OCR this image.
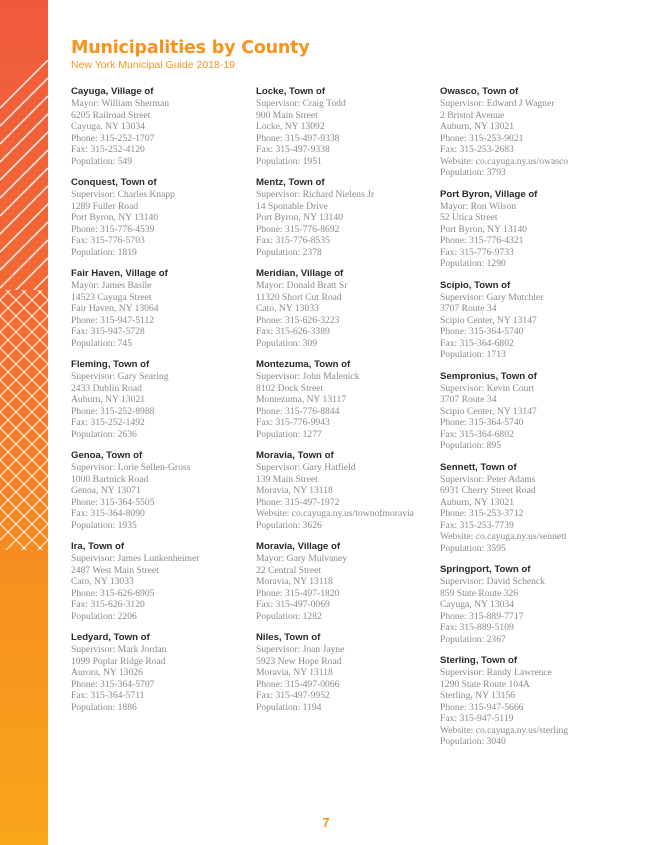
Municipalities by County
New York Municipal Guide 2018-19
Cayuga, Village of
Mayor: William Sherman
6205 Railroad Street
Cayuga, NY 13034
Phone: 315-252-1707
Fax: 315-252-4120
Population: 549
Conquest, Town of
Supervisor: Charles Knapp
1289 Fuller Road
Port Byron, NY 13140
Phone: 315-776-4539
Fax: 315-776-5703
Population: 1819
Fair Haven, Village of
Mayor: James Basile
14523 Cayuga Street
Fair Haven, NY 13064
Phone: 315-947-5112
Fax: 315-947-5728
Population: 745
Fleming, Town of
Supervisor: Gary Searing
2433 Dublin Road
Auburn, NY 13021
Phone: 315-252-8988
Fax: 315-252-1492
Population: 2636
Genoa, Town of
Supervisor: Lorie Sellen-Gross
1000 Bartnick Road
Genoa, NY 13071
Phone: 315-364-5505
Fax: 315-364-8090
Population: 1935
Ira, Town of
Supervisor: James Lunkenheimer
2487 West Main Street
Cato, NY 13033
Phone: 315-626-6905
Fax: 315-626-3120
Population: 2206
Ledyard, Town of
Supervisor: Mark Jordan
1099 Poplar Ridge Road
Aurora, NY 13026
Phone: 315-364-5707
Fax: 315-364-5711
Population: 1886
Locke, Town of
Supervisor: Craig Todd
900 Main Street
Locke, NY 13092
Phone: 315-497-9338
Fax: 315-497-9338
Population: 1951
Mentz, Town of
Supervisor: Richard Nielens Jr
14 Sponable Drive
Port Byron, NY 13140
Phone: 315-776-8692
Fax: 315-776-8535
Population: 2378
Meridian, Village of
Mayor: Donald Bratt Sr
11320 Short Cut Road
Cato, NY 13033
Phone: 315-626-3223
Fax: 315-626-3389
Population: 309
Montezuma, Town of
Supervisor: John Malenick
8102 Dock Street
Montezuma, NY 13117
Phone: 315-776-8844
Fax: 315-776-9943
Population: 1277
Moravia, Town of
Supervisor: Gary Hatfield
139 Main Street
Moravia, NY 13118
Phone: 315-497-1972
Website: co.cayuga.ny.us/townofmoravia
Population: 3626
Moravia, Village of
Mayor: Gary Mulvaney
22 Central Street
Moravia, NY 13118
Phone: 315-497-1820
Fax: 315-497-0069
Population: 1282
Niles, Town of
Supervisor: Joan Jayne
5923 New Hope Road
Moravia, NY 13118
Phone: 315-497-0066
Fax: 315-497-9952
Population: 1194
Owasco, Town of
Supervisor: Edward J Wagner
2 Bristol Avenue
Auburn, NY 13021
Phone: 315-253-9021
Fax: 315-253-2683
Website: co.cayuga.ny.us/owasco
Population: 3793
Port Byron, Village of
Mayor: Ron Wilson
52 Utica Street
Port Byron, NY 13140
Phone: 315-776-4321
Fax: 315-776-9733
Population: 1290
Scipio, Town of
Supervisor: Gary Mutchler
3707 Route 34
Scipio Center, NY 13147
Phone: 315-364-5740
Fax: 315-364-6802
Population: 1713
Sempronius, Town of
Supervisor: Kevin Court
3707 Route 34
Scipio Center, NY 13147
Phone: 315-364-5740
Fax: 315-364-6802
Population: 895
Sennett, Town of
Supervisor: Peter Adams
6931 Cherry Street Road
Auburn, NY 13021
Phone: 315-253-3712
Fax: 315-253-7739
Website: co.cayuga.ny.us/sennett
Population: 3595
Springport, Town of
Supervisor: David Schenck
859 State Route 326
Cayuga, NY 13034
Phone: 315-889-7717
Fax: 315-889-5109
Population: 2367
Sterling, Town of
Supervisor: Randy Lawrence
1290 State Route 104A
Sterling, NY 13156
Phone: 315-947-5666
Fax: 315-947-5119
Website: co.cayuga.ny.us/sterling
Population: 3040
7
